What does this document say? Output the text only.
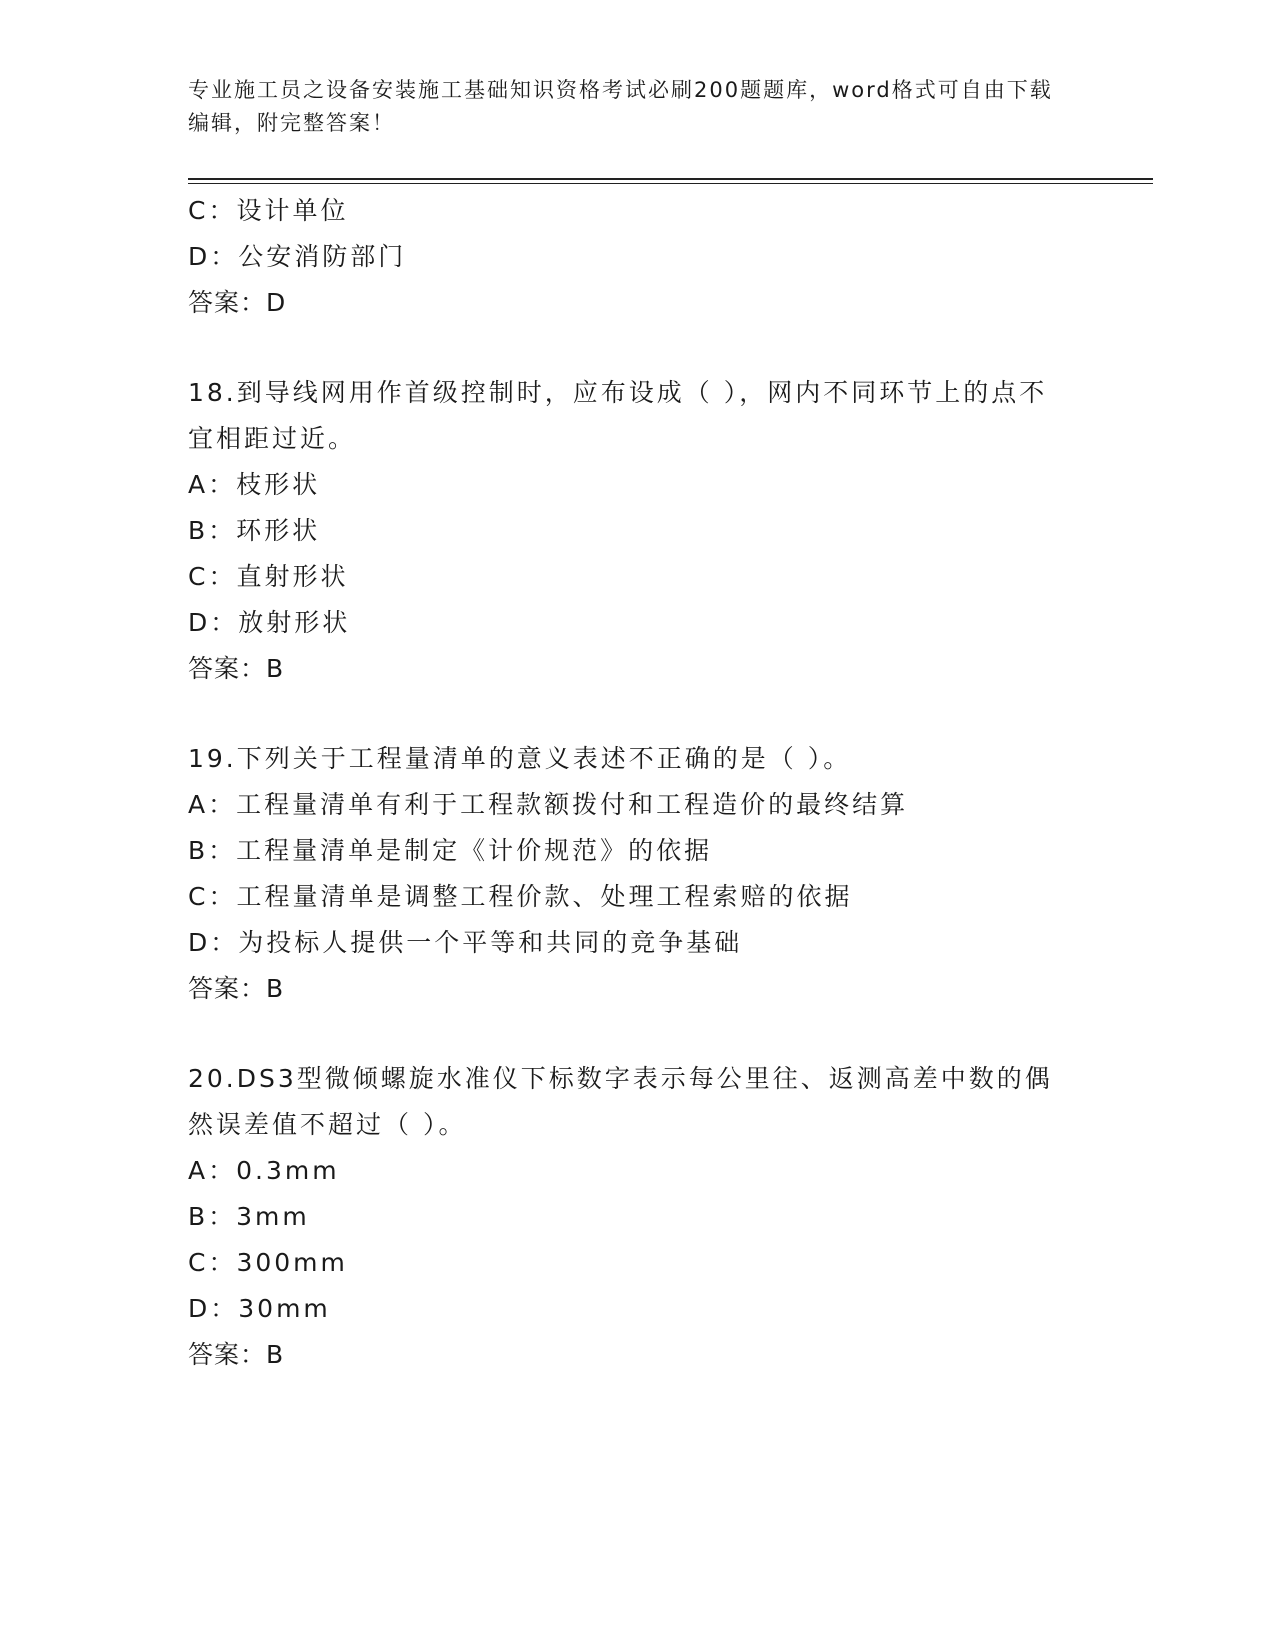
专业施工员之设备安装施工基础知识资格考试必刷200题题库，word格式可自由下载编辑，附完整答案！
C：设计单位
D：公安消防部门
答案：D
18.到导线网用作首级控制时，应布设成（ ），网内不同环节上的点不宜相距过近。
A：枝形状
B：环形状
C：直射形状
D：放射形状
答案：B
19.下列关于工程量清单的意义表述不正确的是（ ）。
A：工程量清单有利于工程款额拨付和工程造价的最终结算
B：工程量清单是制定《计价规范》的依据
C：工程量清单是调整工程价款、处理工程索赔的依据
D：为投标人提供一个平等和共同的竞争基础
答案：B
20.DS3型微倾螺旋水准仪下标数字表示每公里往、返测高差中数的偶然误差值不超过（ ）。
A：0.3mm
B：3mm
C：300mm
D：30mm
答案：B
